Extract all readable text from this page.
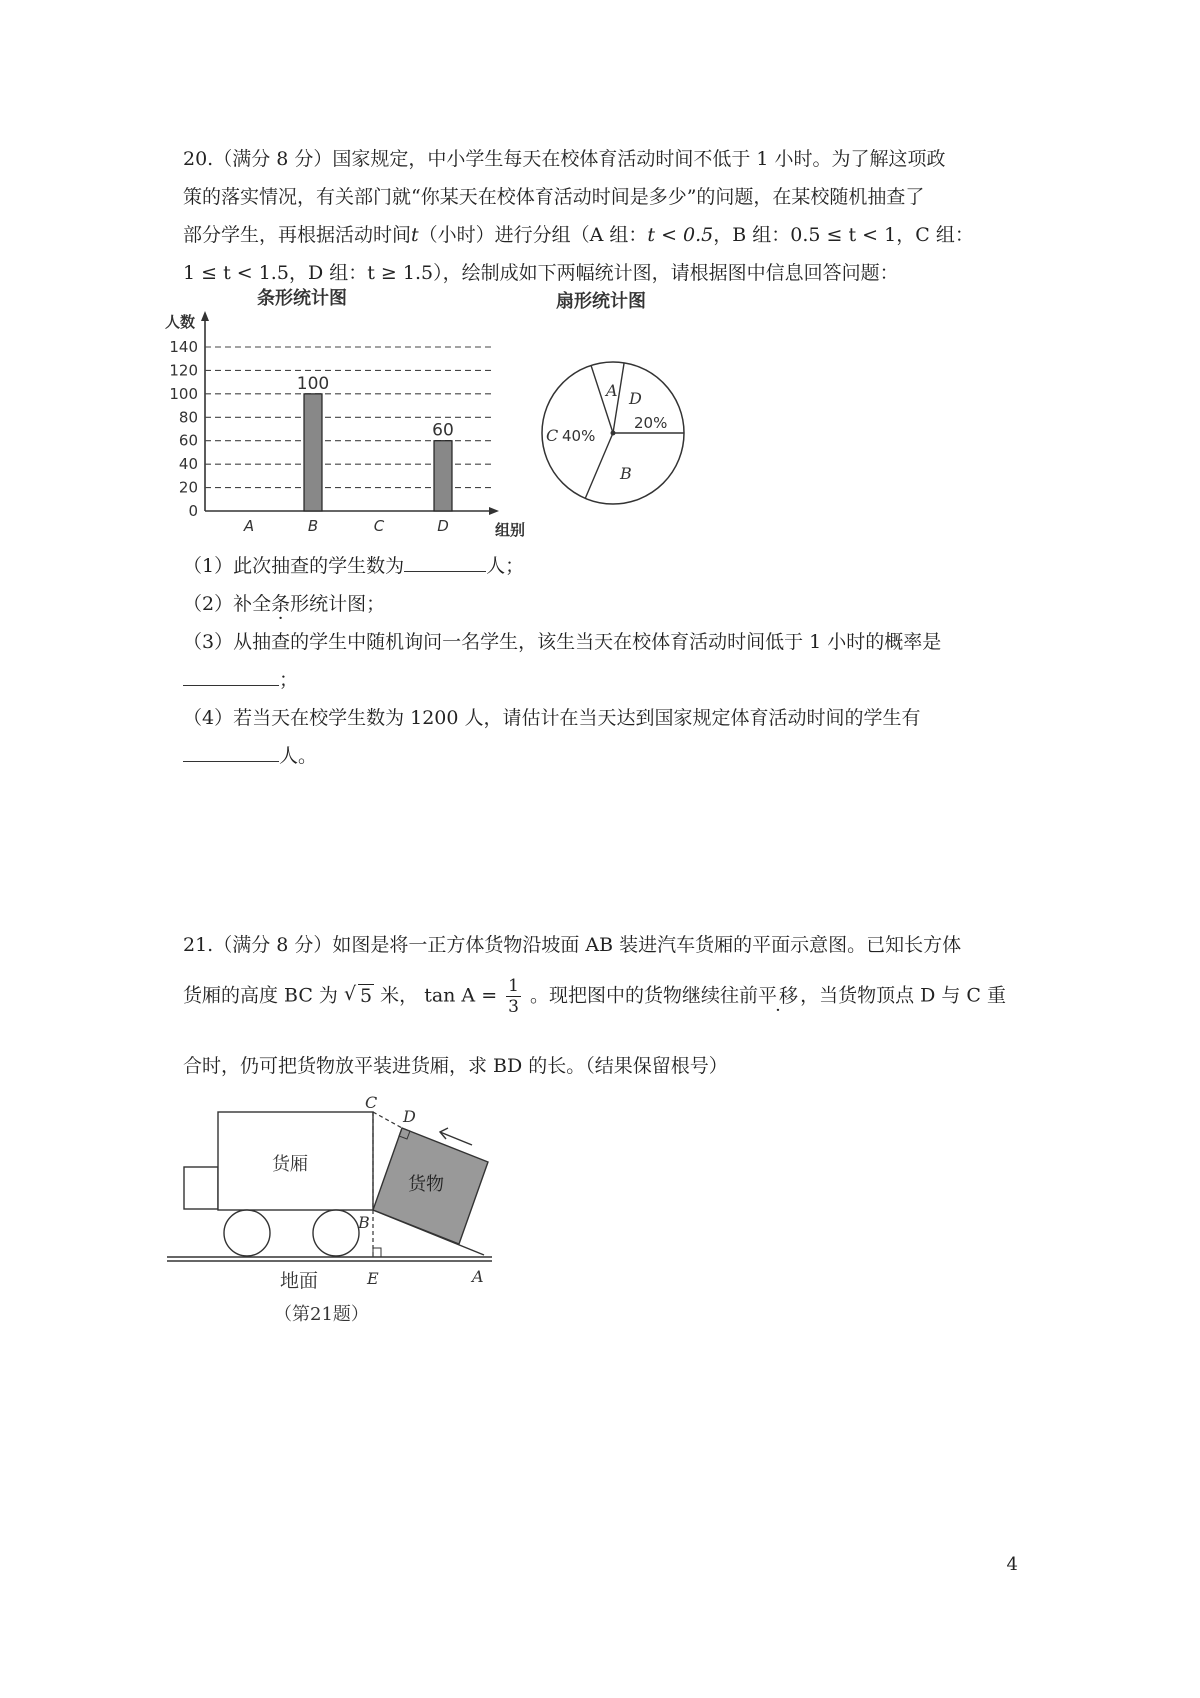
20.（满分 8 分）国家规定，中小学生每天在校体育活动时间不低于 1 小时。为了解这项政
策的落实情况，有关部门就“你某天在校体育活动时间是多少”的问题，在某校随机抽查了
部分学生，再根据活动时间t（小时）进行分组（A 组：t < 0.5，B 组：0.5 ≤ t < 1，C 组：
1 ≤ t < 1.5，D 组：t ≥ 1.5），绘制成如下两幅统计图，请根据图中信息回答问题：
条形统计图
人数
组别
0
20
40
60
80
100
120
140
A	B	C	D
100
60
扇形统计图
A D
20%
C 40%
B
（1）此次抽查的学生数为	人；
（2）补全条形统计图；
（3）从抽查的学生中随机询问一名学生，该生当天在校体育活动时间低于 1 小时的概率是
；
（4）若当天在校学生数为 1200 人，请估计在当天达到国家规定体育活动时间的学生有
人。
21.（满分 8 分）如图是将一正方体货物沿坡面 AB 装进汽车货厢的平面示意图。已知长方体
货厢的高度 BC 为 √ 5 米， $\tan A = \frac{1}{3}$ 。现把图中的货物继续往前平移，当货物顶点 D 与 C 重
合时，仍可把货物放平装进货厢，求 BD 的长。（结果保留根号）
货厢
货物
C
D
B
E	A
地面
（第21题）
4
